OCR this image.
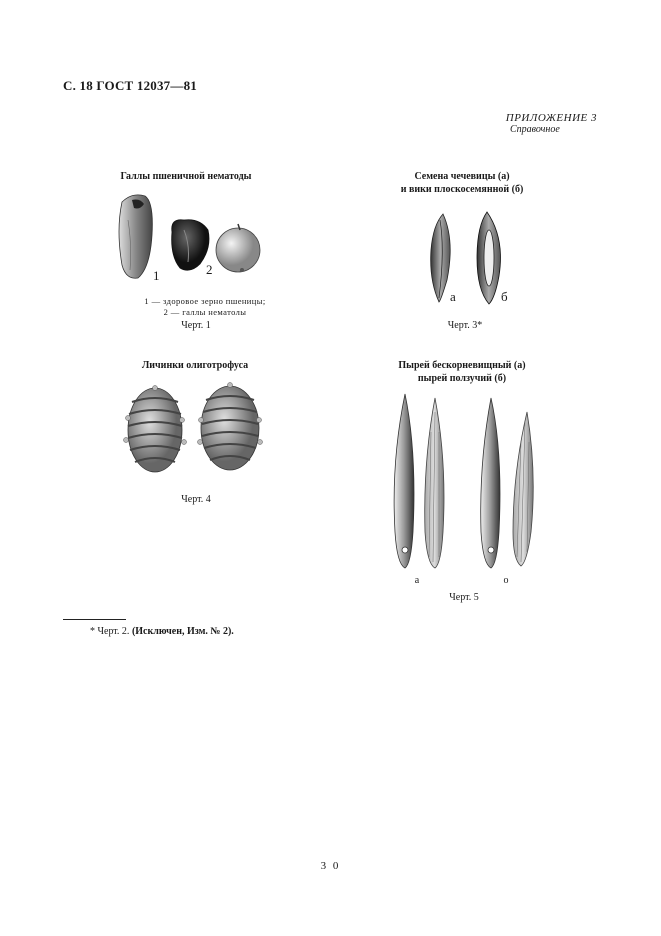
С. 18 ГОСТ 12037—81
ПРИЛОЖЕНИЕ 3
Справочное
Галлы пшеничной нематоды
1	2
1 — здоровое зерно пшеницы;
2 — галлы нематолы
Черт. 1
Семена чечевицы (а)
и вики плоскосемянной (б)
а	б
Черт. 3*
Личинки олиготрофуса
Черт. 4
Пырей бескорневищный (а)
пырей ползучий (б)
а	о
Черт. 5
* Черт. 2. (Исключен, Изм. № 2).
3 0
